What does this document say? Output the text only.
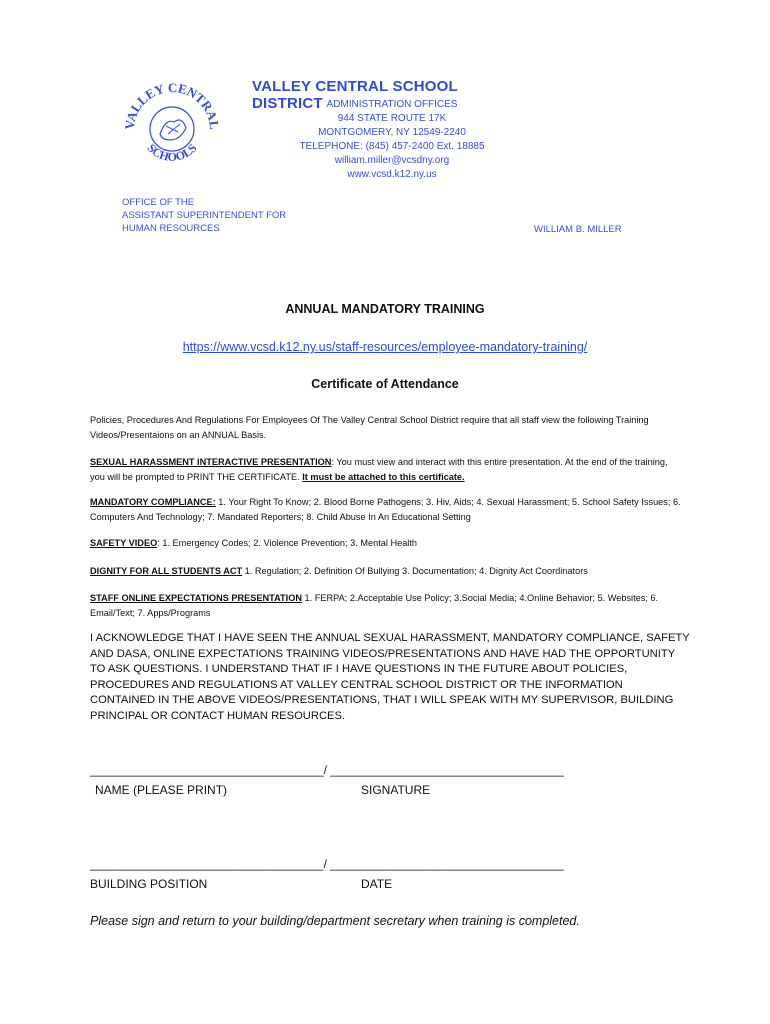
VALLEY CENTRAL
SCHOOLS
VALLEY CENTRAL SCHOOL DISTRICT ADMINISTRATION OFFICES
944 STATE ROUTE 17K
MONTGOMERY, NY 12549-2240
TELEPHONE: (845) 457-2400 Ext. 18885
william.miller@vcsdny.org
www.vcsd.k12.ny.us
OFFICE OF THE
ASSISTANT SUPERINTENDENT FOR
HUMAN RESOURCES	WILLIAM B. MILLER
ANNUAL MANDATORY TRAINING
https://www.vcsd.k12.ny.us/staff-resources/employee-mandatory-training/
Certificate of Attendance
Policies, Procedures And Regulations For Employees Of The Valley Central School District require that all staff view the following Training Videos/Presentaions on an ANNUAL Basis.
SEXUAL HARASSMENT INTERACTIVE PRESENTATION: You must view and interact with this entire presentation. At the end of the training, you will be prompted to PRINT THE CERTIFICATE. It must be attached to this certificate.
MANDATORY COMPLIANCE: 1. Your Right To Know; 2. Blood Borne Pathogens; 3. Hiv, Aids; 4. Sexual Harassment; 5. School Safety Issues; 6. Computers And Technology; 7. Mandated Reporters; 8. Child Abuse In An Educational Setting
SAFETY VIDEO: 1. Emergency Codes; 2. Violence Prevention; 3. Mental Health
DIGNITY FOR ALL STUDENTS ACT 1. Regulation; 2. Definition Of Bullying 3. Documentation; 4. Dignity Act Coordinators
STAFF ONLINE EXPECTATIONS PRESENTATION 1. FERPA; 2.Acceptable Use Policy; 3.Social Media; 4.Online Behavior; 5. Websites; 6. Email/Text; 7. Apps/Programs
I ACKNOWLEDGE THAT I HAVE SEEN THE ANNUAL SEXUAL HARASSMENT, MANDATORY COMPLIANCE, SAFETY AND DASA, ONLINE EXPECTATIONS TRAINING VIDEOS/PRESENTATIONS AND HAVE HAD THE OPPORTUNITY TO ASK QUESTIONS. I UNDERSTAND THAT IF I HAVE QUESTIONS IN THE FUTURE ABOUT POLICIES, PROCEDURES AND REGULATIONS AT VALLEY CENTRAL SCHOOL DISTRICT OR THE INFORMATION CONTAINED IN THE ABOVE VIDEOS/PRESENTATIONS, THAT I WILL SPEAK WITH MY SUPERVISOR, BUILDING PRINCIPAL OR CONTACT HUMAN RESOURCES.
___________________________________/ ___________________________________
NAME (PLEASE PRINT)	SIGNATURE
___________________________________/ ___________________________________
BUILDING POSITION	DATE
Please sign and return to your building/department secretary when training is completed.
